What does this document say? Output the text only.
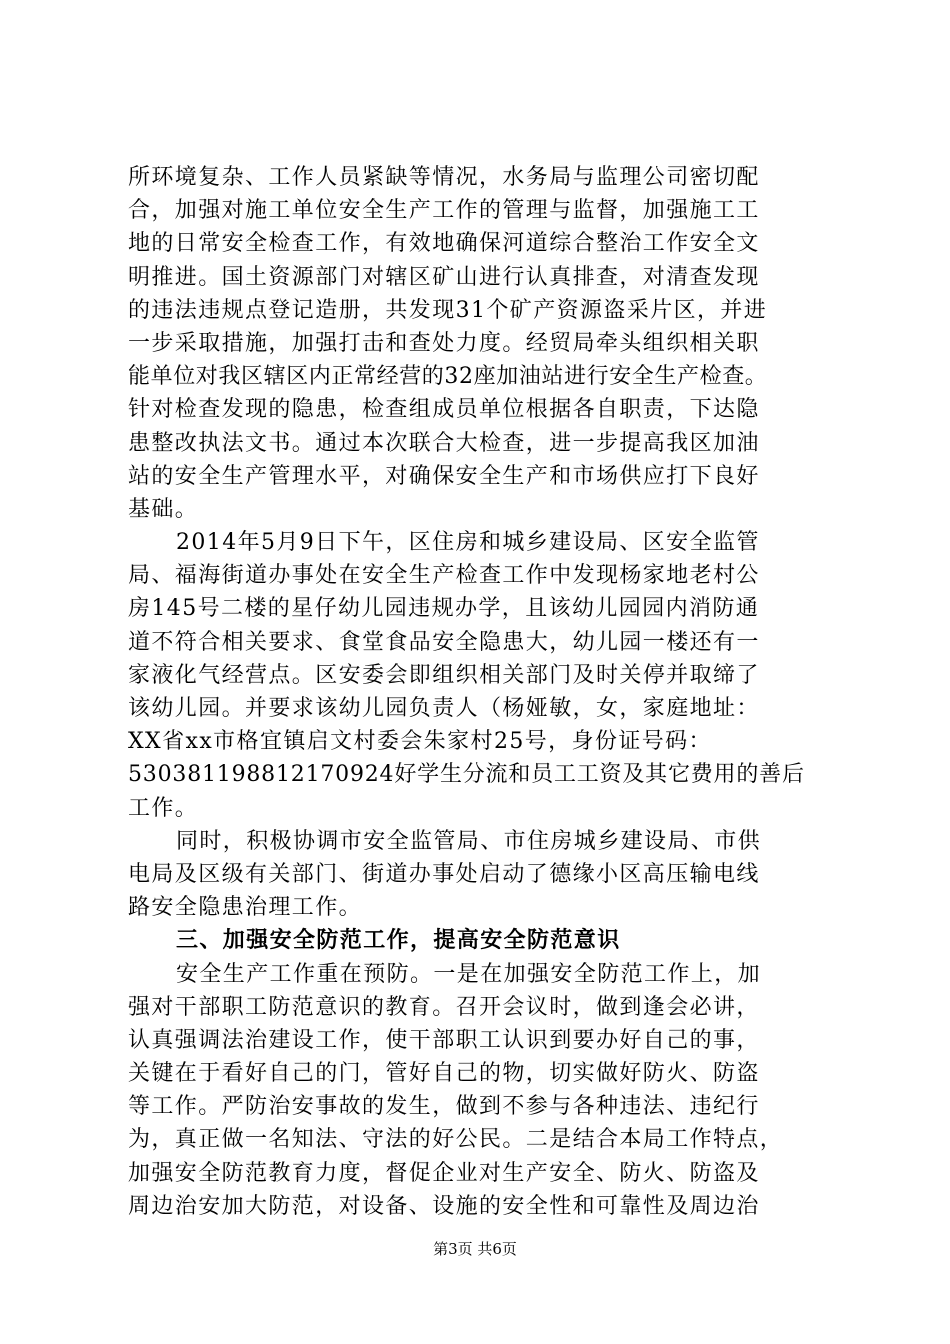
所环境复杂、工作人员紧缺等情况，水务局与监理公司密切配
合，加强对施工单位安全生产工作的管理与监督，加强施工工
地的日常安全检查工作，有效地确保河道综合整治工作安全文
明推进。国土资源部门对辖区矿山进行认真排查，对清查发现
的违法违规点登记造册，共发现31个矿产资源盗采片区，并进
一步采取措施，加强打击和查处力度。经贸局牵头组织相关职
能单位对我区辖区内正常经营的32座加油站进行安全生产检查。
针对检查发现的隐患，检查组成员单位根据各自职责，下达隐
患整改执法文书。通过本次联合大检查，进一步提高我区加油
站的安全生产管理水平，对确保安全生产和市场供应打下良好
基础。
2014年5月9日下午，区住房和城乡建设局、区安全监管
局、福海街道办事处在安全生产检查工作中发现杨家地老村公
房145号二楼的星仔幼儿园违规办学，且该幼儿园园内消防通
道不符合相关要求、食堂食品安全隐患大，幼儿园一楼还有一
家液化气经营点。区安委会即组织相关部门及时关停并取缔了
该幼儿园。并要求该幼儿园负责人（杨娅敏，女，家庭地址：
XX省xx市格宜镇启文村委会朱家村25号，身份证号码：
530381198812170924好学生分流和员工工资及其它费用的善后
工作。
同时，积极协调市安全监管局、市住房城乡建设局、市供
电局及区级有关部门、街道办事处启动了德缘小区高压输电线
路安全隐患治理工作。
三、加强安全防范工作，提高安全防范意识
安全生产工作重在预防。一是在加强安全防范工作上，加
强对干部职工防范意识的教育。召开会议时，做到逢会必讲，
认真强调法治建设工作，使干部职工认识到要办好自己的事，
关键在于看好自己的门，管好自己的物，切实做好防火、防盗
等工作。严防治安事故的发生，做到不参与各种违法、违纪行
为，真正做一名知法、守法的好公民。二是结合本局工作特点，
加强安全防范教育力度，督促企业对生产安全、防火、防盗及
周边治安加大防范，对设备、设施的安全性和可靠性及周边治
第3页 共6页
